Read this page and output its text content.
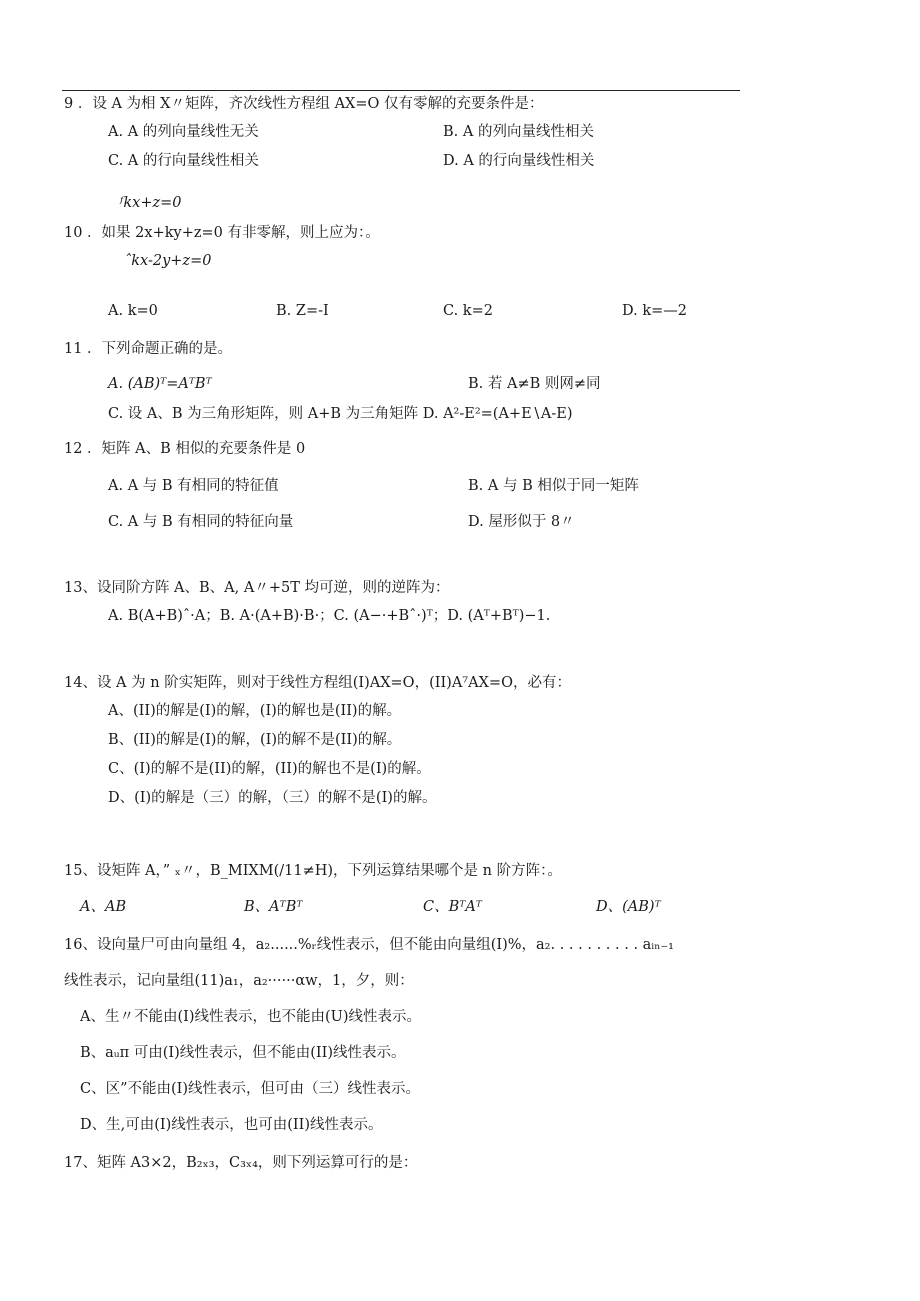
9 ．设 A 为相 X〃矩阵，齐次线性方程组 AX=O 仅有零解的充要条件是：
A. A 的列向量线性无关	B. A 的列向量线性相关
C. A 的行向量线性相关	D. A 的行向量线性相关
ᶠkx+z=0
10 ．如果 2x+ky+z=0 有非零解，则上应为：。
ˆkx-2y+z=0
A. k=0	B. Z=-I	C. k=2	D. k=—2
11 ．下列命题正确的是。
A. (AB)ᵀ=AᵀBᵀ	B. 若 A≠B 则网≠同
C. 设 A、B 为三角形矩阵，则 A+B 为三角矩阵 D. A²-E²=(A+E∖A-E)
12 ．矩阵 A、B 相似的充要条件是 0
A. A 与 B 有相同的特征值	B. A 与 B 相似于同一矩阵
C. A 与 B 有相同的特征向量	D. 屋形似于 8〃
13、设同阶方阵 A、B、A, A〃+5T 均可逆，则的逆阵为：
A. B(A+B)ˆ·A；B. A·(A+B)·B·；C. (A−·+Bˆ·)ᵀ；D. (Aᵀ+Bᵀ)−1.
14、设 A 为 n 阶实矩阵，则对于线性方程组(I)AX=O，(II)A⁷AX=O，必有：
A、(II)的解是(I)的解，(I)的解也是(II)的解。
B、(II)的解是(I)的解，(I)的解不是(II)的解。
C、(I)的解不是(II)的解，(II)的解也不是(I)的解。
D、(I)的解是（三）的解，（三）的解不是(I)的解。
15、设矩阵 A，” ₓ〃，B_MIXM(/11≠H)，下列运算结果哪个是 n 阶方阵：。
A、AB	B、AᵀBᵀ	C、BᵀAᵀ	D、(AB)ᵀ
16、设向量尸可由向量组 4，a₂......%ᵣ线性表示，但不能由向量组(I)%，a₂. . . . . . . . . . aᵢₙ₋₁
线性表示，记向量组(11)a₁，a₂······αw，1，夕，则：
A、生〃不能由(I)线性表示，也不能由(U)线性表示。
B、aᵤπ 可由(I)线性表示，但不能由(II)线性表示。
C、区”不能由(I)线性表示，但可由（三）线性表示。
D、生,可由(I)线性表示，也可由(II)线性表示。
17、矩阵 A3×2，B₂ₓ₃，C₃ₓ₄，则下列运算可行的是：
